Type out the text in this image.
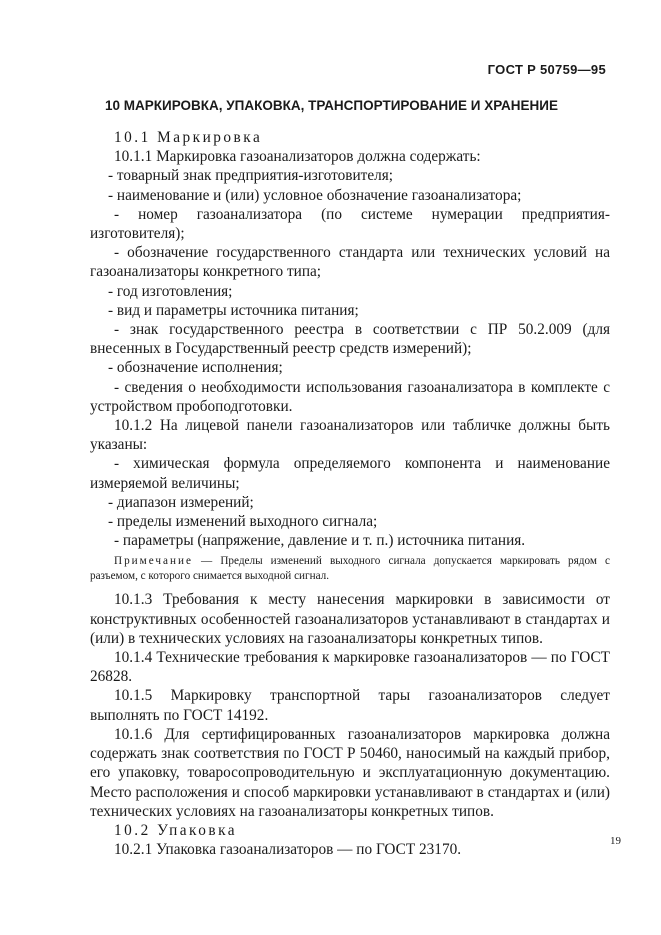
ГОСТ Р 50759—95
10 МАРКИРОВКА, УПАКОВКА, ТРАНСПОРТИРОВАНИЕ И ХРАНЕНИЕ
10.1 Маркировка
10.1.1 Маркировка газоанализаторов должна содержать:
- товарный знак предприятия-изготовителя;
- наименование и (или) условное обозначение газоанализатора;
- номер газоанализатора (по системе нумерации предприятия-изготовителя);
- обозначение государственного стандарта или технических условий на газоанализаторы конкретного типа;
- год изготовления;
- вид и параметры источника питания;
- знак государственного реестра в соответствии с ПР 50.2.009 (для внесенных в Государственный реестр средств измерений);
- обозначение исполнения;
- сведения о необходимости использования газоанализатора в комплекте с устройством пробоподготовки.
10.1.2 На лицевой панели газоанализаторов или табличке должны быть указаны:
- химическая формула определяемого компонента и наименование измеряемой величины;
- диапазон измерений;
- пределы изменений выходного сигнала;
- параметры (напряжение, давление и т. п.) источника питания.
Примечание — Пределы изменений выходного сигнала допускается маркировать рядом с разъемом, с которого снимается выходной сигнал.
10.1.3 Требования к месту нанесения маркировки в зависимости от конструктивных особенностей газоанализаторов устанавливают в стандартах и (или) в технических условиях на газоанализаторы конкретных типов.
10.1.4 Технические требования к маркировке газоанализаторов — по ГОСТ 26828.
10.1.5 Маркировку транспортной тары газоанализаторов следует выполнять по ГОСТ 14192.
10.1.6 Для сертифицированных газоанализаторов маркировка должна содержать знак соответствия по ГОСТ Р 50460, наносимый на каждый прибор, его упаковку, товаросопроводительную и эксплуатационную документацию. Место расположения и способ маркировки устанавливают в стандартах и (или) технических условиях на газоанализаторы конкретных типов.
10.2 Упаковка
10.2.1 Упаковка газоанализаторов — по ГОСТ 23170.
19
